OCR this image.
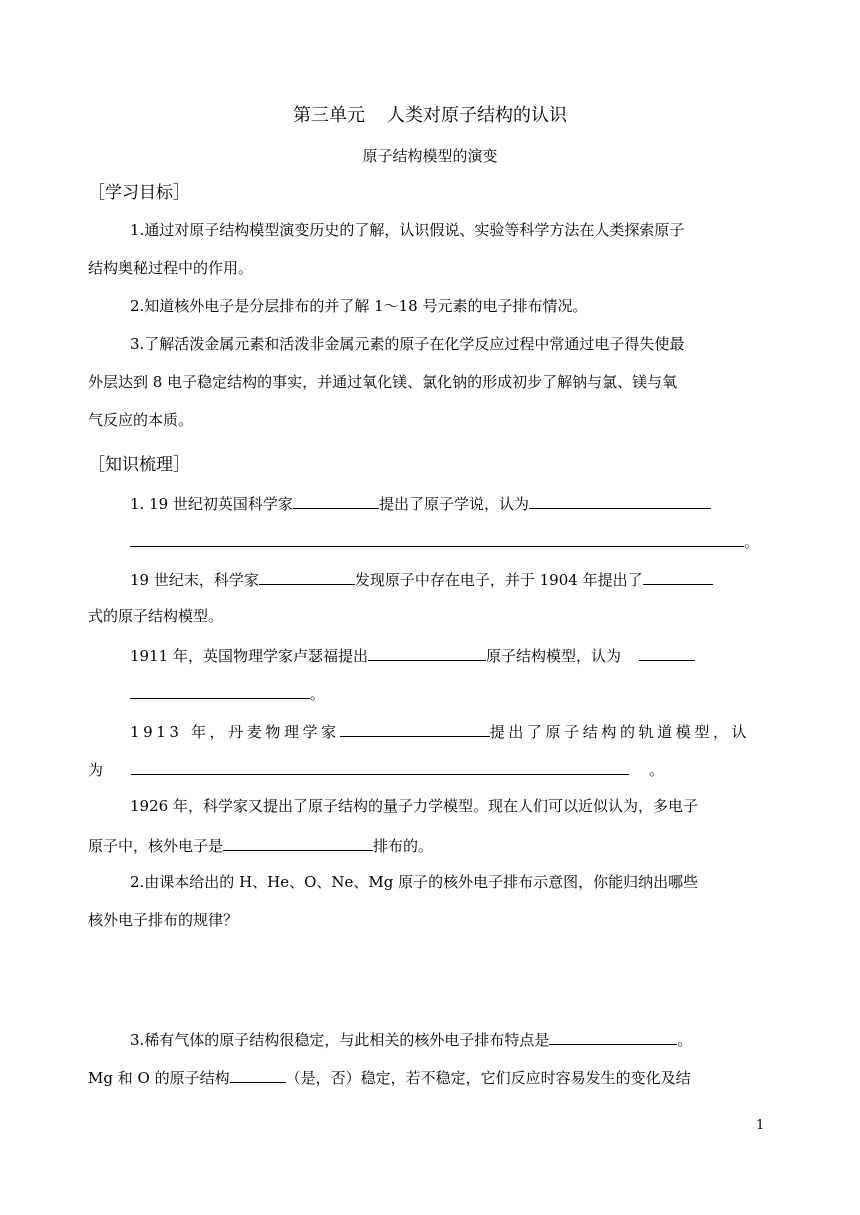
第三单元 人类对原子结构的认识
原子结构模型的演变
［学习目标］
1.通过对原子结构模型演变历史的了解，认识假说、实验等科学方法在人类探索原子
结构奥秘过程中的作用。
2.知道核外电子是分层排布的并了解 1～18 号元素的电子排布情况。
3.了解活泼金属元素和活泼非金属元素的原子在化学反应过程中常通过电子得失使最
外层达到 8 电子稳定结构的事实，并通过氧化镁、氯化钠的形成初步了解钠与氯、镁与氧
气反应的本质。
［知识梳理］
1. 19 世纪初英国科学家	提出了原子学说，认为
。
19 世纪末，科学家	发现原子中存在电子，并于 1904 年提出了
式的原子结构模型。
1911 年，英国物理学家卢瑟福提出	原子结构模型，认为
。
1913 年，丹麦物理学家	提出了原子结构的轨道模型，认
为	。
1926 年，科学家又提出了原子结构的量子力学模型。现在人们可以近似认为，多电子
原子中，核外电子是	排布的。
2.由课本给出的 H、He、O、Ne、Mg 原子的核外电子排布示意图，你能归纳出哪些
核外电子排布的规律？
3.稀有气体的原子结构很稳定，与此相关的核外电子排布特点是	。
Mg 和 O 的原子结构	（是，否）稳定，若不稳定，它们反应时容易发生的变化及结
1
